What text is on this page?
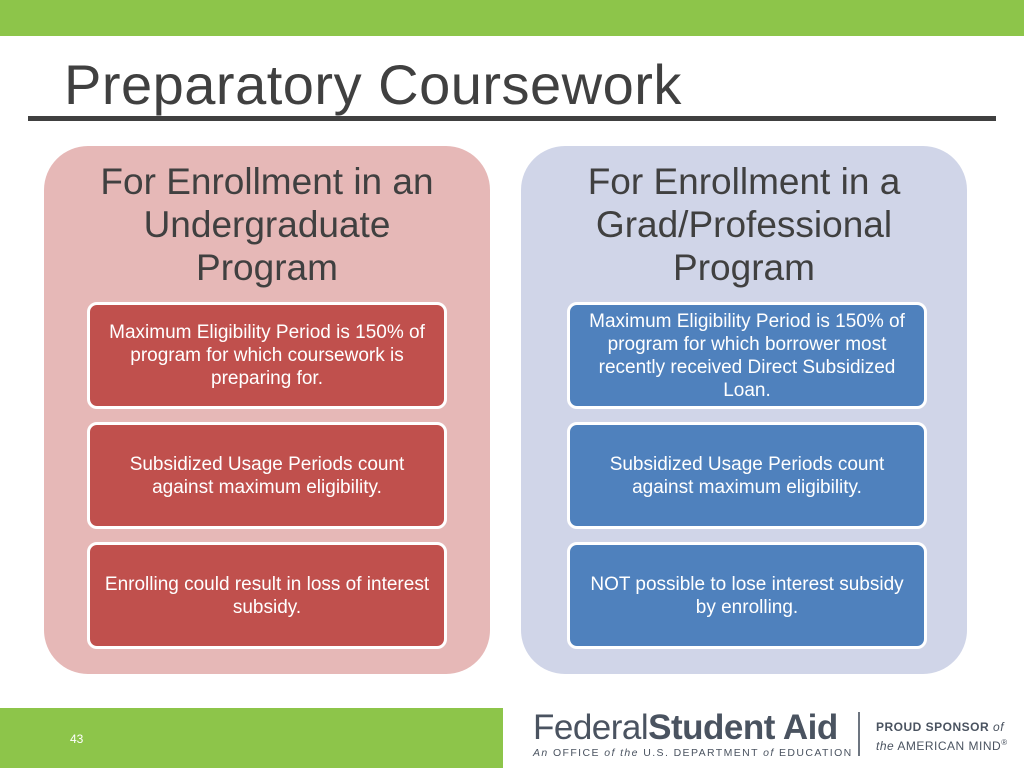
Preparatory Coursework
For Enrollment in an
Undergraduate
Program
Maximum Eligibility Period is 150% of program for which coursework is preparing for.
Subsidized Usage Periods count against maximum eligibility.
Enrolling could result in loss of interest subsidy.
For Enrollment in a
Grad/Professional
Program
Maximum Eligibility Period is 150% of program for which borrower most recently received Direct Subsidized Loan.
Subsidized Usage Periods count against maximum eligibility.
NOT possible to lose interest subsidy by enrolling.
43	FederalStudent Aid
An OFFICE of the U.S. DEPARTMENT of EDUCATION
PROUD SPONSOR of
the AMERICAN MIND®
